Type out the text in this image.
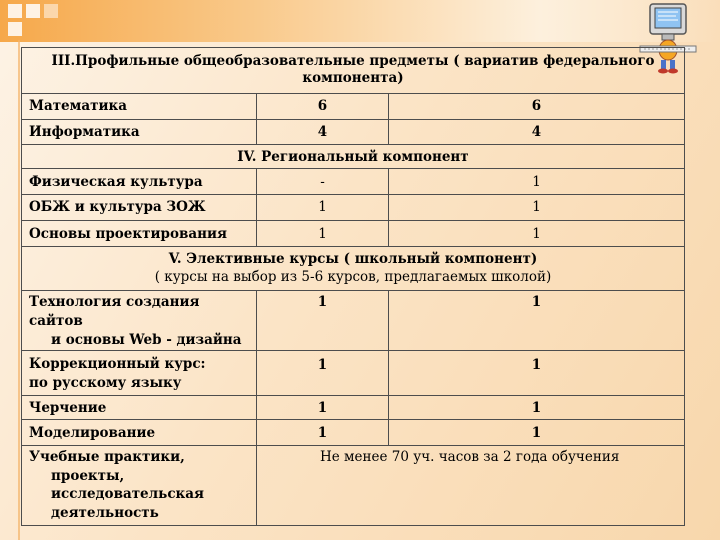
III.Профильные общеобразовательные предметы ( вариатив федерального компонента)		
Математика	6	6
Информатика	4	4
IV. Региональный компонент		
Физическая культура	-	1
ОБЖ и культура ЗОЖ	1	1
Основы проектирования	1	1

V. Элективные курсы ( школьный компонент)
( курсы на выбор из 5-6 курсов, предлагаемых школой)		

Технология создания сайтов
и основы Web - дизайна	1	1

Коррекционный курс:
по русскому языку	1	1
Черчение	1	1
Моделирование	1	1

Учебные практики,
проекты,
исследовательская
деятельность	Не менее 70 уч. часов за 2 года обучения	
